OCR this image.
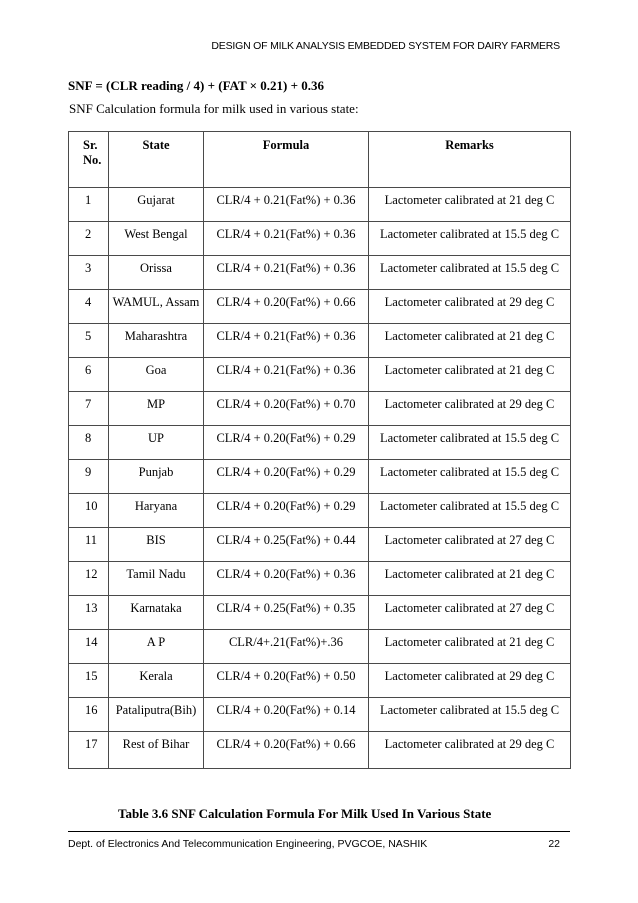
DESIGN OF MILK ANALYSIS EMBEDDED SYSTEM FOR DAIRY FARMERS
SNF = (CLR reading / 4) + (FAT × 0.21) + 0.36
SNF Calculation formula for milk used in various state:
Sr. No.	State	Formula	Remarks
1	Gujarat	CLR/4 + 0.21(Fat%) + 0.36	Lactometer calibrated at 21 deg C
2	West Bengal	CLR/4 + 0.21(Fat%) + 0.36	Lactometer calibrated at 15.5 deg C
3	Orissa	CLR/4 + 0.21(Fat%) + 0.36	Lactometer calibrated at 15.5 deg C
4	WAMUL, Assam	CLR/4 + 0.20(Fat%) + 0.66	Lactometer calibrated at 29 deg C
5	Maharashtra	CLR/4 + 0.21(Fat%) + 0.36	Lactometer calibrated at 21 deg C
6	Goa	CLR/4 + 0.21(Fat%) + 0.36	Lactometer calibrated at 21 deg C
7	MP	CLR/4 + 0.20(Fat%) + 0.70	Lactometer calibrated at 29 deg C
8	UP	CLR/4 + 0.20(Fat%) + 0.29	Lactometer calibrated at 15.5 deg C
9	Punjab	CLR/4 + 0.20(Fat%) + 0.29	Lactometer calibrated at 15.5 deg C
10	Haryana	CLR/4 + 0.20(Fat%) + 0.29	Lactometer calibrated at 15.5 deg C
11	BIS	CLR/4 + 0.25(Fat%) + 0.44	Lactometer calibrated at 27 deg C
12	Tamil Nadu	CLR/4 + 0.20(Fat%) + 0.36	Lactometer calibrated at 21 deg C
13	Karnataka	CLR/4 + 0.25(Fat%) + 0.35	Lactometer calibrated at 27 deg C
14	A P	CLR/4+.21(Fat%)+.36	Lactometer calibrated at 21 deg C
15	Kerala	CLR/4 + 0.20(Fat%) + 0.50	Lactometer calibrated at 29 deg C
16	Pataliputra(Bih)	CLR/4 + 0.20(Fat%) + 0.14	Lactometer calibrated at 15.5 deg C
17	Rest of Bihar	CLR/4 + 0.20(Fat%) + 0.66	Lactometer calibrated at 29 deg C
Table 3.6 SNF Calculation Formula For Milk Used In Various State
Dept. of Electronics And Telecommunication Engineering, PVGCOE, NASHIK	22
